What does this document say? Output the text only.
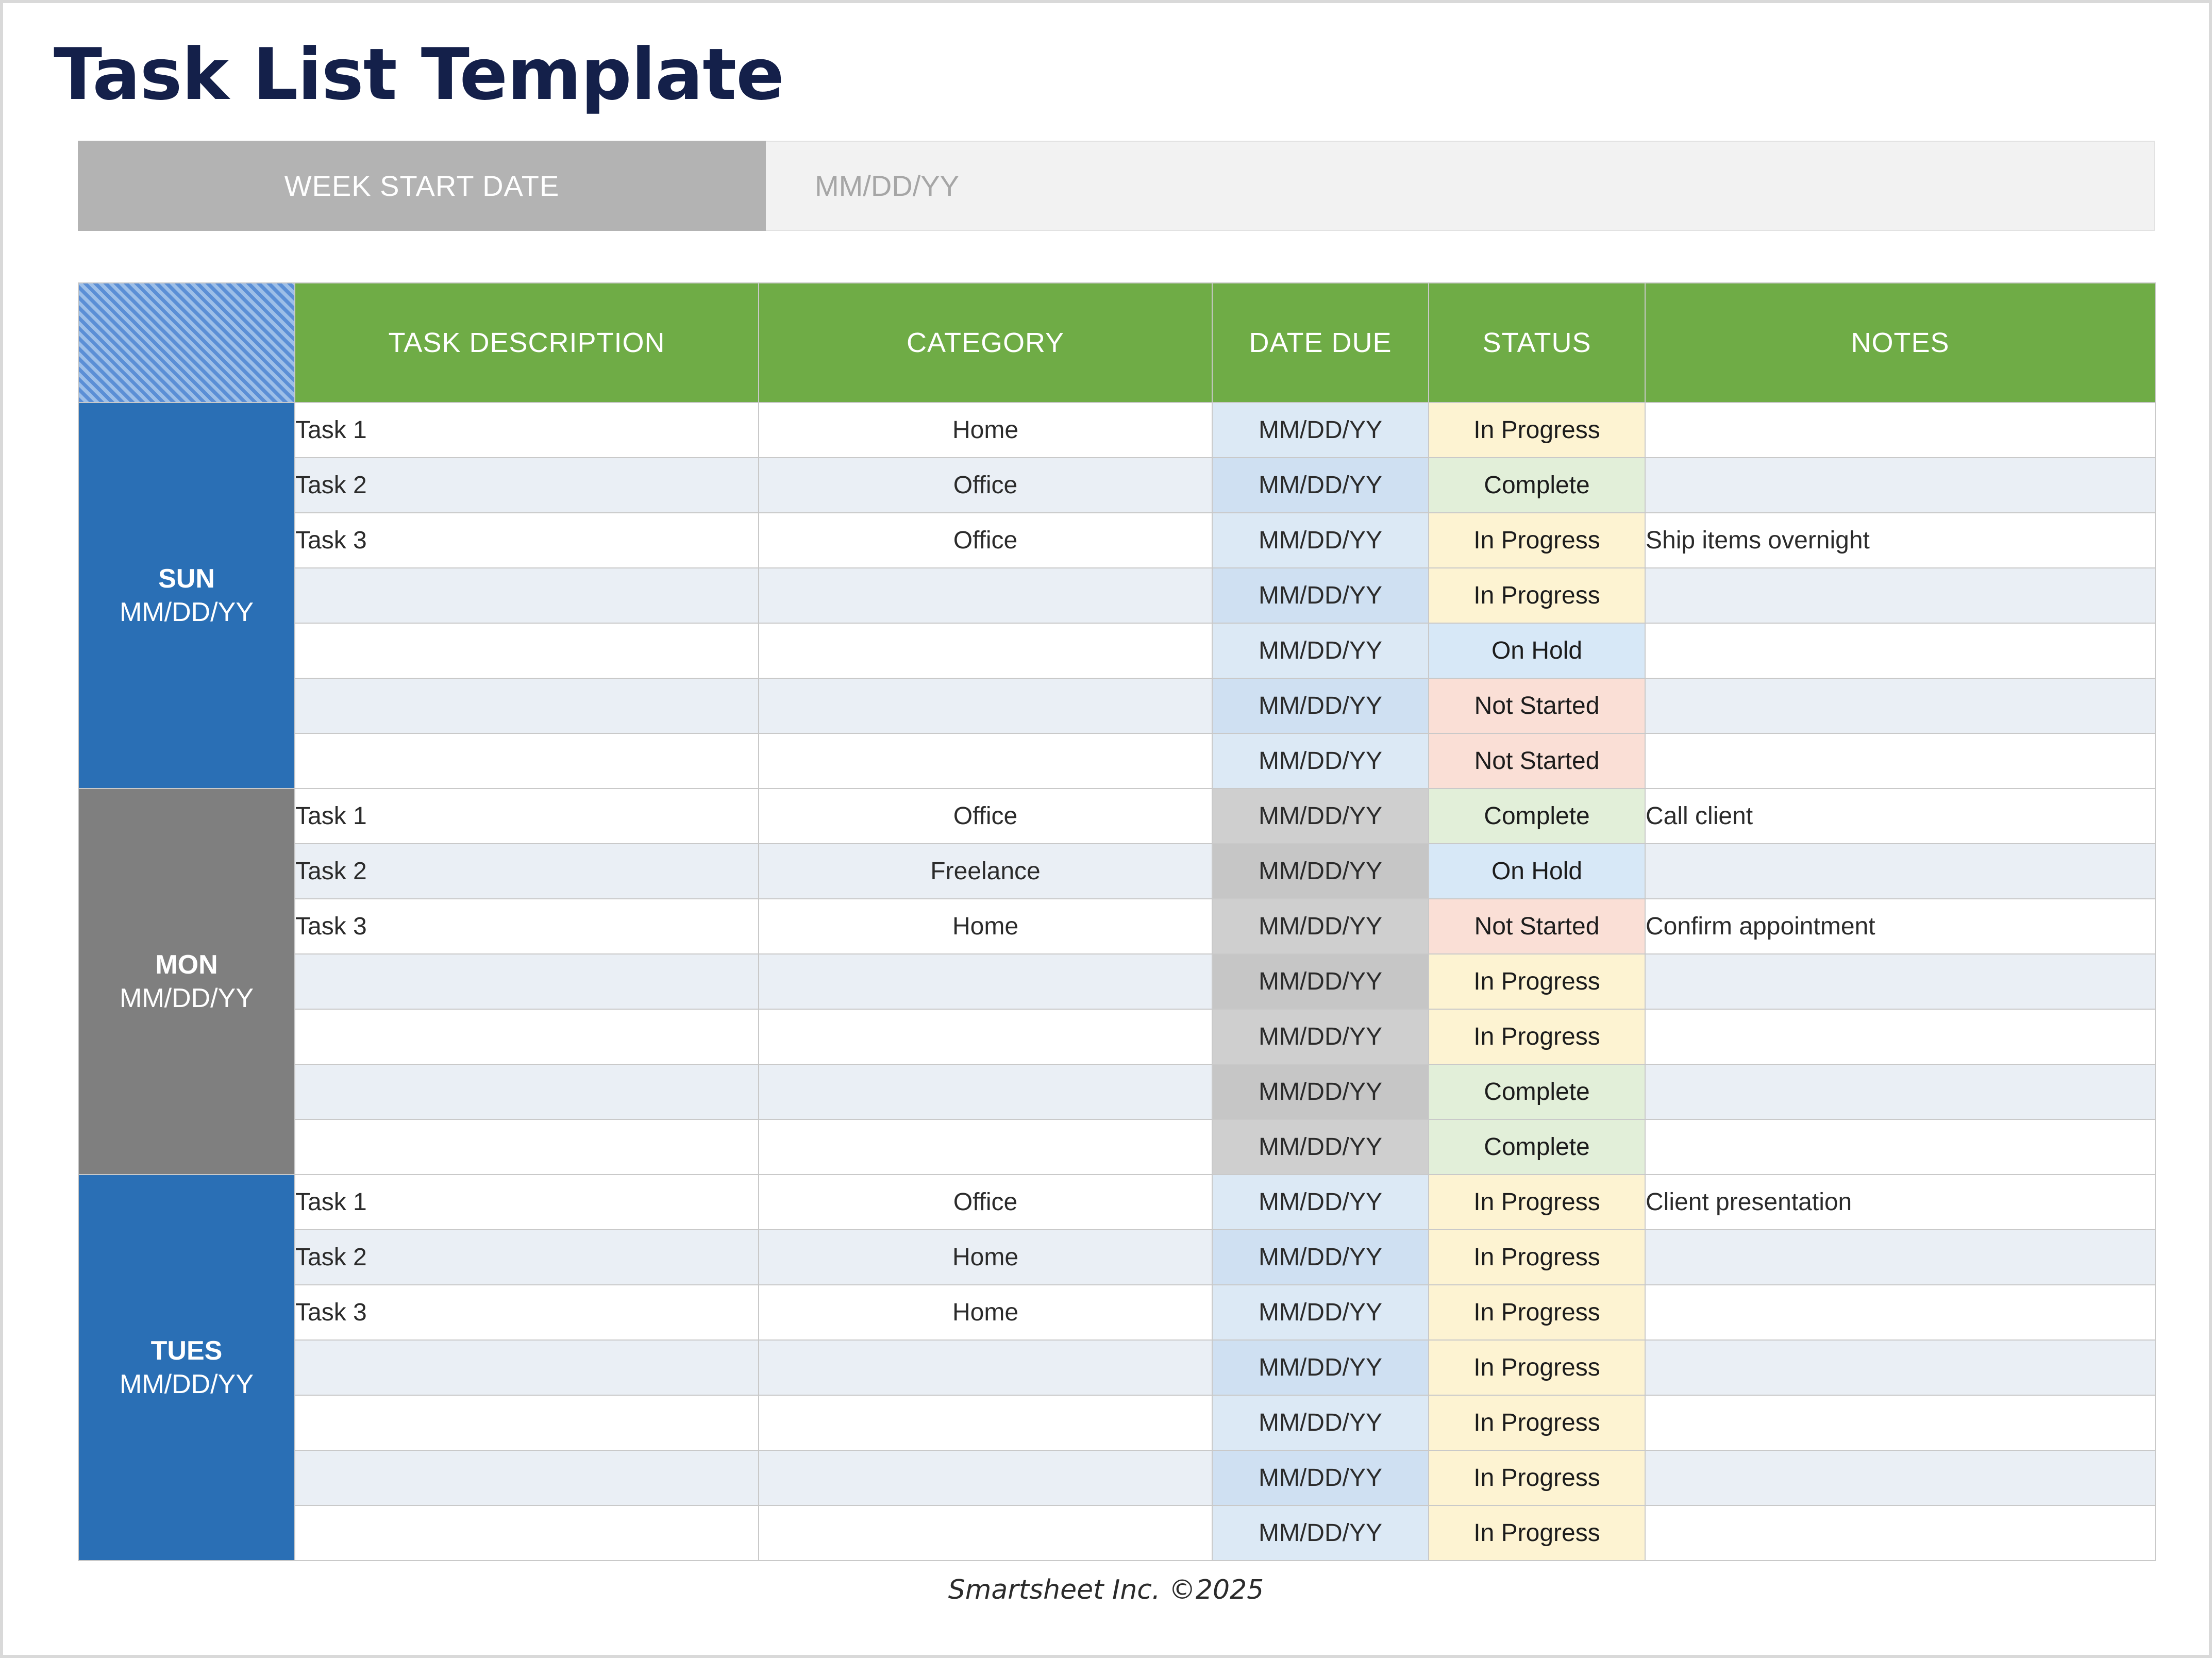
Task List Template
WEEK START DATE	MM/DD/YY
	TASK DESCRIPTION	CATEGORY	DATE DUE	STATUS	NOTES

SUN
MM/DD/YY	Task 1	Home	MM/DD/YY	In Progress	
	Task 2	Office	MM/DD/YY	Complete	
	Task 3	Office	MM/DD/YY	In Progress	Ship items overnight
			MM/DD/YY	In Progress	
			MM/DD/YY	On Hold	
			MM/DD/YY	Not Started	
			MM/DD/YY	Not Started	

MON
MM/DD/YY	Task 1	Office	MM/DD/YY	Complete	Call client
	Task 2	Freelance	MM/DD/YY	On Hold	
	Task 3	Home	MM/DD/YY	Not Started	Confirm appointment
			MM/DD/YY	In Progress	
			MM/DD/YY	In Progress	
			MM/DD/YY	Complete	
			MM/DD/YY	Complete	

TUES
MM/DD/YY	Task 1	Office	MM/DD/YY	In Progress	Client presentation
	Task 2	Home	MM/DD/YY	In Progress	
	Task 3	Home	MM/DD/YY	In Progress	
			MM/DD/YY	In Progress	
			MM/DD/YY	In Progress	
			MM/DD/YY	In Progress	
			MM/DD/YY	In Progress	
Smartsheet Inc. ©2025
